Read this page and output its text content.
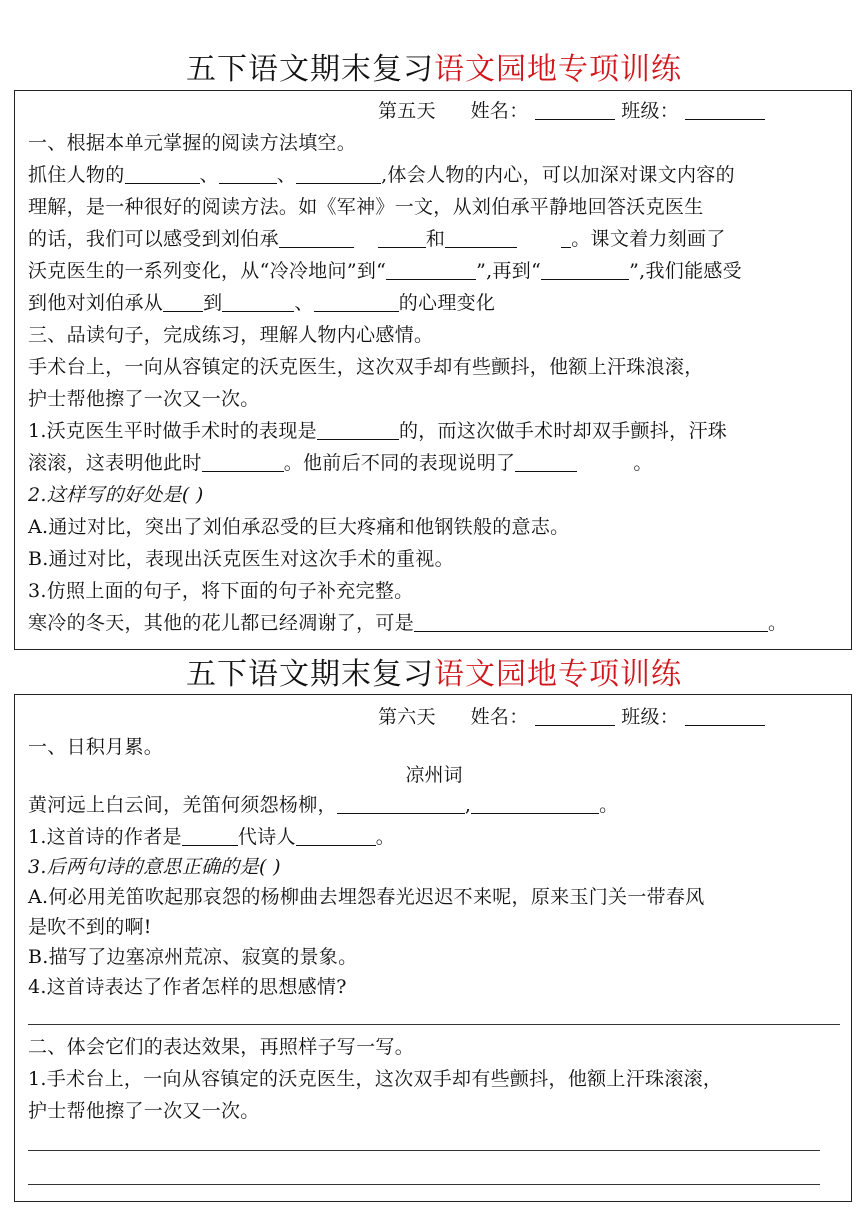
五下语文期末复习语文园地专项训练
第五天 姓名：	班级：
一、根据本单元掌握的阅读方法填空。
抓住人物的	、	、	,体会人物的内心，可以加深对课文内容的
理解，是一种很好的阅读方法。如《军神》一文，从刘伯承平静地回答沃克医生
的话，我们可以感受到刘伯承	和	。课文着力刻画了
沃克医生的一系列变化，从“冷冷地问”到“	”,再到“	”,我们能感受
到他对刘伯承从 到	、	的心理变化
三、品读句子，完成练习，理解人物内心感情。
手术台上，一向从容镇定的沃克医生，这次双手却有些颤抖，他额上汗珠浪滚，
护士帮他擦了一次又一次。
1.沃克医生平时做手术时的表现是	的，而这次做手术时却双手颤抖，汗珠
滚滚，这表明他此时	。他前后不同的表现说明了	。
2.这样写的好处是( )
A.通过对比，突出了刘伯承忍受的巨大疼痛和他钢铁般的意志。
B.通过对比，表现出沃克医生对这次手术的重视。
3.仿照上面的句子，将下面的句子补充完整。
寒冷的冬天，其他的花儿都已经凋谢了，可是	。
五下语文期末复习语文园地专项训练
第六天 姓名：	班级：
一、日积月累。
凉州词
黄河远上白云间，羌笛何须怨杨柳，	,	。
1.这首诗的作者是	代诗人	。
3.后两句诗的意思正确的是( )
A.何必用羌笛吹起那哀怨的杨柳曲去埋怨春光迟迟不来呢，原来玉门关一带春风
是吹不到的啊!
B.描写了边塞凉州荒凉、寂寞的景象。
4.这首诗表达了作者怎样的思想感情?
二、体会它们的表达效果，再照样子写一写。
1.手术台上，一向从容镇定的沃克医生，这次双手却有些颤抖，他额上汗珠滚滚，
护士帮他擦了一次又一次。
